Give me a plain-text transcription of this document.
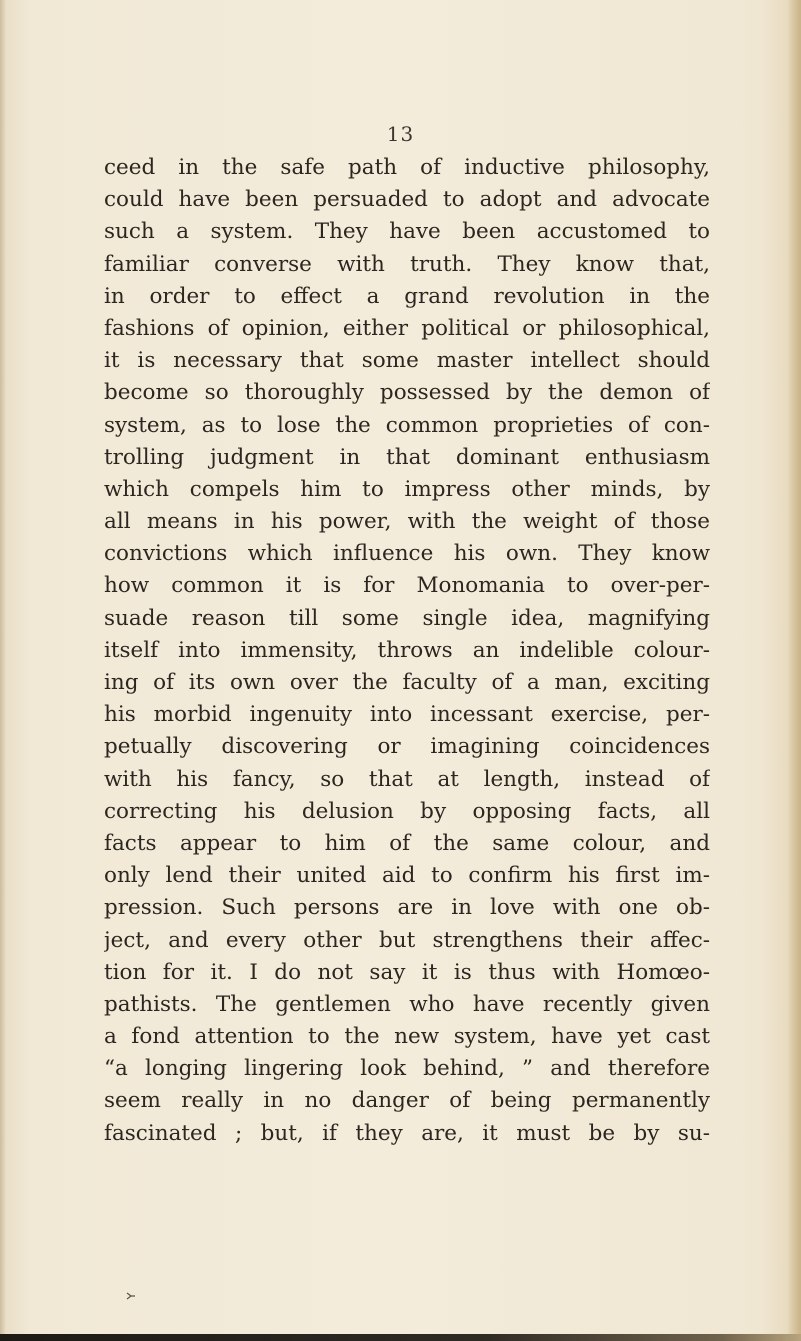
13
ceed in the safe path of inductive philosophy,
could have been persuaded to adopt and advocate
such a system. They have been accustomed to
familiar converse with truth. They know that,
in order to effect a grand revolution in the
fashions of opinion, either political or philosophical,
it is necessary that some master intellect should
become so thoroughly possessed by the demon of
system, as to lose the common proprieties of con-
trolling judgment in that dominant enthusiasm
which compels him to impress other minds, by
all means in his power, with the weight of those
convictions which influence his own. They know
how common it is for Monomania to over-per-
suade reason till some single idea, magnifying
itself into immensity, throws an indelible colour-
ing of its own over the faculty of a man, exciting
his morbid ingenuity into incessant exercise, per-
petually discovering or imagining coincidences
with his fancy, so that at length, instead of
correcting his delusion by opposing facts, all
facts appear to him of the same colour, and
only lend their united aid to confirm his first im-
pression. Such persons are in love with one ob-
ject, and every other but strengthens their affec-
tion for it. I do not say it is thus with Homœo-
pathists. The gentlemen who have recently given
a fond attention to the new system, have yet cast
“a longing lingering look behind, ” and therefore
seem really in no danger of being permanently
fascinated ; but, if they are, it must be by su-
